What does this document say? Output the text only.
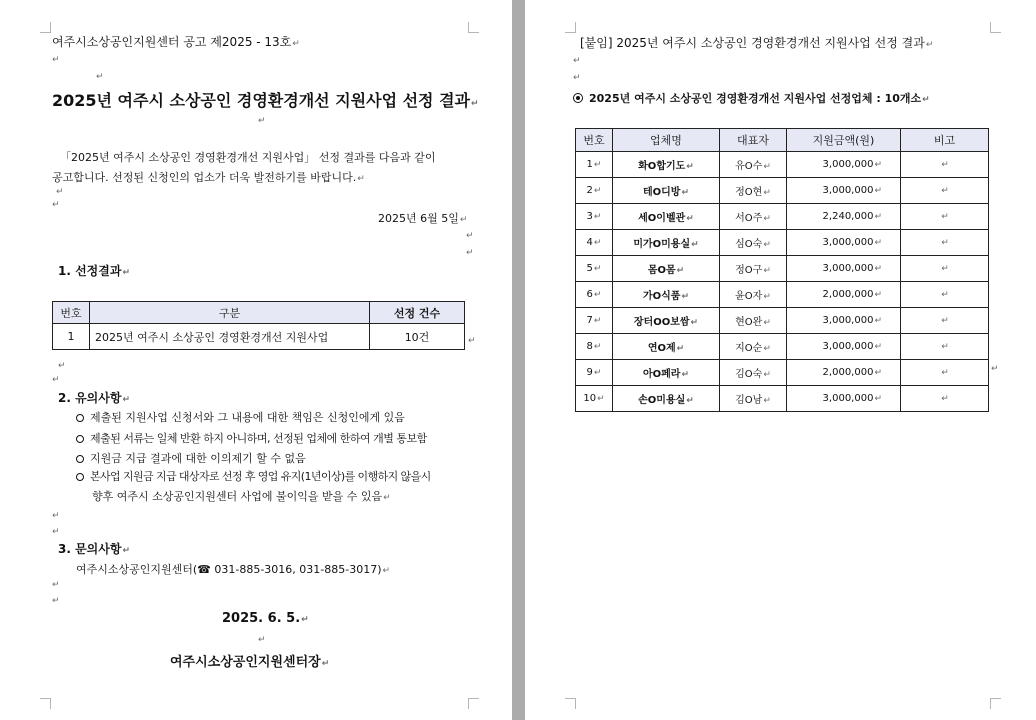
여주시소상공인지원센터 공고 제2025 - 13호↵
↵
↵
2025년 여주시 소상공인 경영환경개선 지원사업 선정 결과↵
↵
「2025년 여주시 소상공인 경영환경개선 지원사업」 선정 결과를 다음과 같이
공고합니다. 선정된 신청인의 업소가 더욱 발전하기를 바랍니다.↵
↵
↵
2025년 6월 5일↵
↵
↵
1. 선정결과↵
번호	구분	선정 건수
1	2025년 여주시 소상공인 경영환경개선 지원사업	10건	↵
↵
↵
2. 유의사항↵
제출된 지원사업 신청서와 그 내용에 대한 책임은 신청인에게 있음
제출된 서류는 일체 반환 하지 아니하며, 선정된 업체에 한하여 개별 통보함
지원금 지급 결과에 대한 이의제기 할 수 없음
본사업 지원금 지급 대상자로 선정 후 영업 유지(1년이상)를 이행하지 않을시
향후 여주시 소상공인지원센터 사업에 불이익을 받을 수 있음↵
↵
↵
3. 문의사항↵
여주시소상공인지원센터(☎ 031-885-3016, 031-885-3017)↵
↵
↵
2025. 6. 5.↵
↵
여주시소상공인지원센터장↵
[붙임] 2025년 여주시 소상공인 경영환경개선 지원사업 선정 결과↵
↵
↵
2025년 여주시 소상공인 경영환경개선 지원사업 선정업체 : 10개소↵
번호	업체명	대표자	지원금액(원)	비고
1↵	화O합기도↵	유O수↵	3,000,000↵	↵
2↵	테O디방↵	정O현↵	3,000,000↵	↵
3↵	세O이벨관↵	서O주↵	2,240,000↵	↵
4↵	미가O미용실↵	심O숙↵	3,000,000↵	↵
5↵	몸O몸↵	정O구↵	3,000,000↵	↵
6↵	가O식품↵	윤O자↵	2,000,000↵	↵
7↵	장터OO보쌈↵	현O완↵	3,000,000↵	↵
8↵	연O제↵	지O순↵	3,000,000↵	↵
9↵	아O페라↵	김O숙↵	2,000,000↵	↵
10↵	손O미용실↵	김O남↵	3,000,000↵	↵
↵
